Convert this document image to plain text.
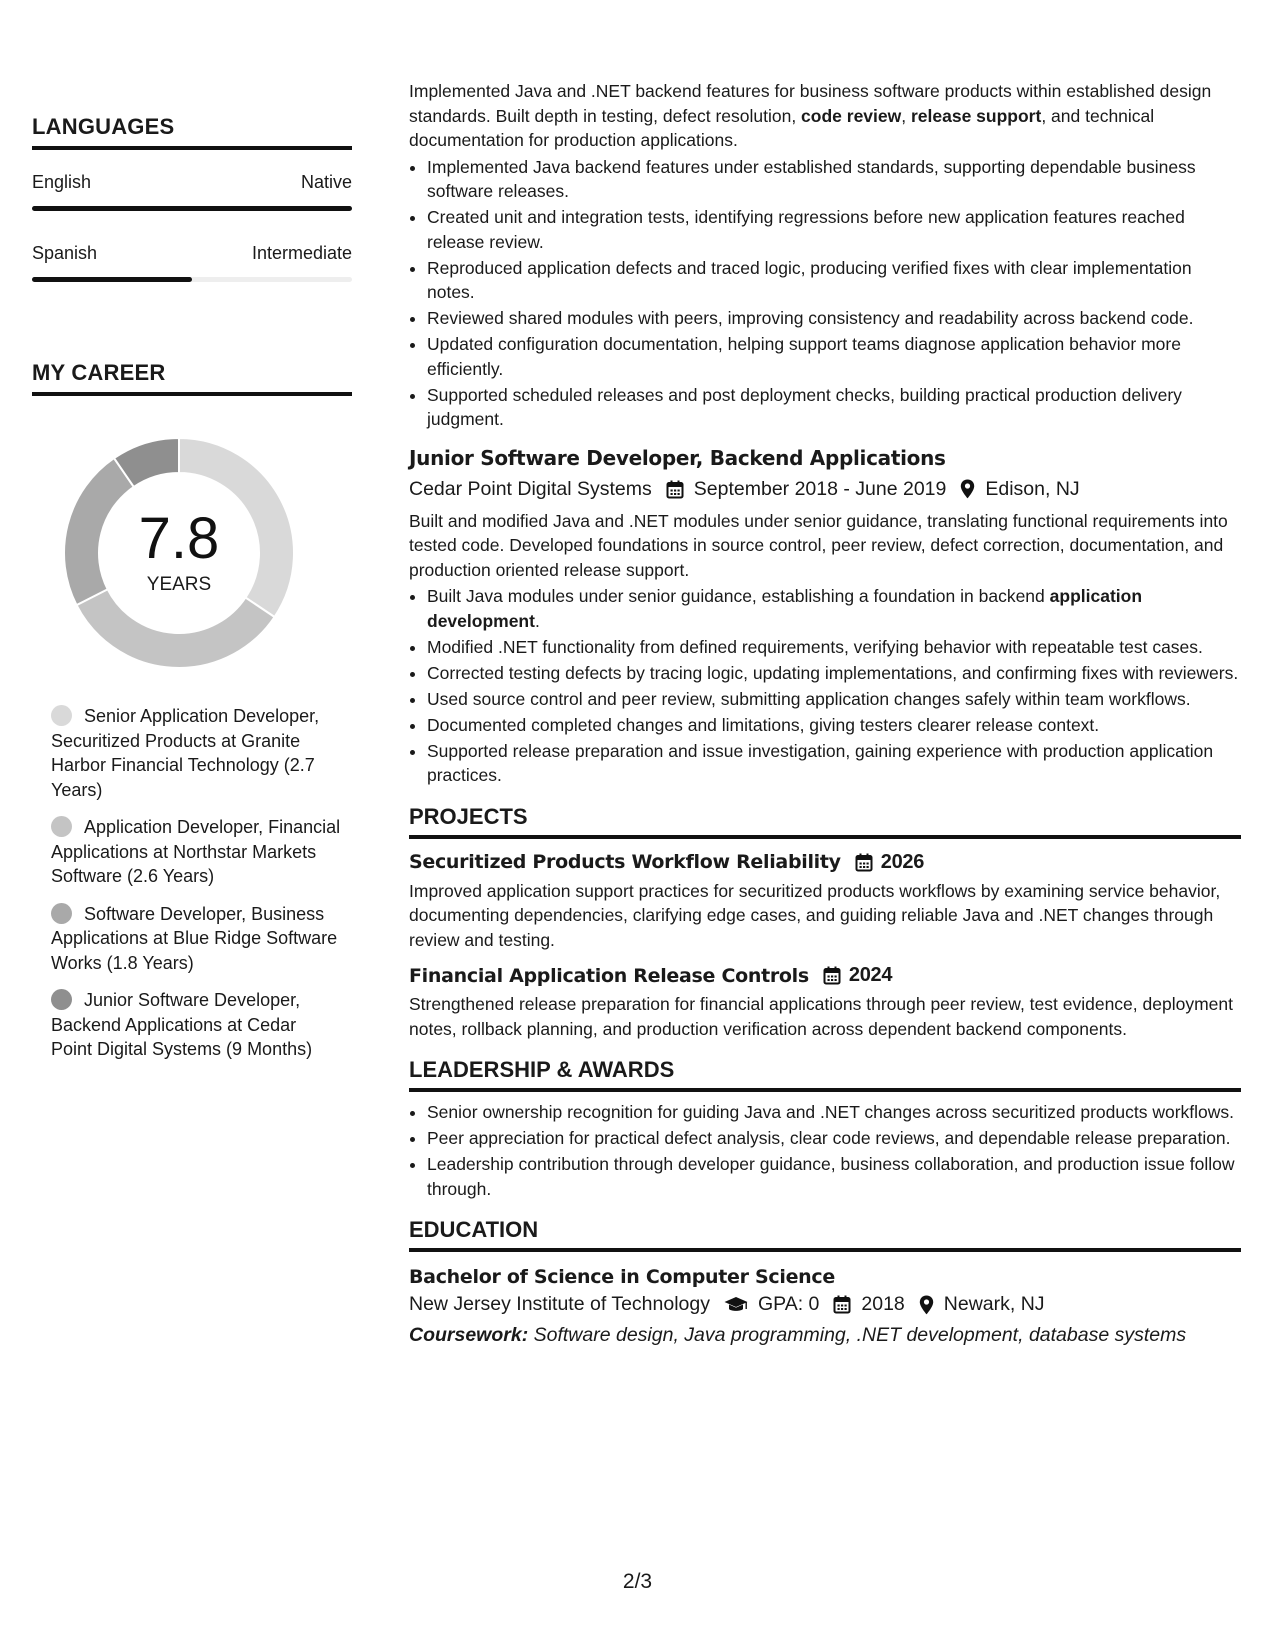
LANGUAGES
English	Native
Spanish	Intermediate
MY CAREER
7.8
YEARS
Senior Application Developer, Securitized Products at Granite Harbor Financial Technology (2.7 Years)
Application Developer, Financial Applications at Northstar Markets Software (2.6 Years)
Software Developer, Business Applications at Blue Ridge Software Works (1.8 Years)
Junior Software Developer, Backend Applications at Cedar Point Digital Systems (9 Months)

Implemented Java and .NET backend features for business software products within established design standards. Built depth in testing, defect resolution, code review, release support, and technical documentation for production applications.

• Implemented Java backend features under established standards, supporting dependable business software releases.
• Created unit and integration tests, identifying regressions before new application features reached release review.
• Reproduced application defects and traced logic, producing verified fixes with clear implementation notes.
• Reviewed shared modules with peers, improving consistency and readability across backend code.
• Updated configuration documentation, helping support teams diagnose application behavior more efficiently.
• Supported scheduled releases and post deployment checks, building practical production delivery judgment.
Junior Software Developer, Backend Applications
Cedar Point Digital Systems September 2018 - June 2019 Edison, NJ

Built and modified Java and .NET modules under senior guidance, translating functional requirements into tested code. Developed foundations in source control, peer review, defect correction, documentation, and production oriented release support.

• Built Java modules under senior guidance, establishing a foundation in backend application development.
• Modified .NET functionality from defined requirements, verifying behavior with repeatable test cases.
• Corrected testing defects by tracing logic, updating implementations, and confirming fixes with reviewers.
• Used source control and peer review, submitting application changes safely within team workflows.
• Documented completed changes and limitations, giving testers clearer release context.
• Supported release preparation and issue investigation, gaining experience with production application practices.
PROJECTS
Securitized Products Workflow Reliability 2026

Improved application support practices for securitized products workflows by examining service behavior, documenting dependencies, clarifying edge cases, and guiding reliable Java and .NET changes through review and testing.

Financial Application Release Controls 2024

Strengthened release preparation for financial applications through peer review, test evidence, deployment notes, rollback planning, and production verification across dependent backend components.

LEADERSHIP & AWARDS
• Senior ownership recognition for guiding Java and .NET changes across securitized products workflows.
• Peer appreciation for practical defect analysis, clear code reviews, and dependable release preparation.
• Leadership contribution through developer guidance, business collaboration, and production issue follow through.
EDUCATION
Bachelor of Science in Computer Science
New Jersey Institute of Technology GPA: 0 2018 Newark, NJ
Coursework: Software design, Java programming, .NET development, database systems
2/3
